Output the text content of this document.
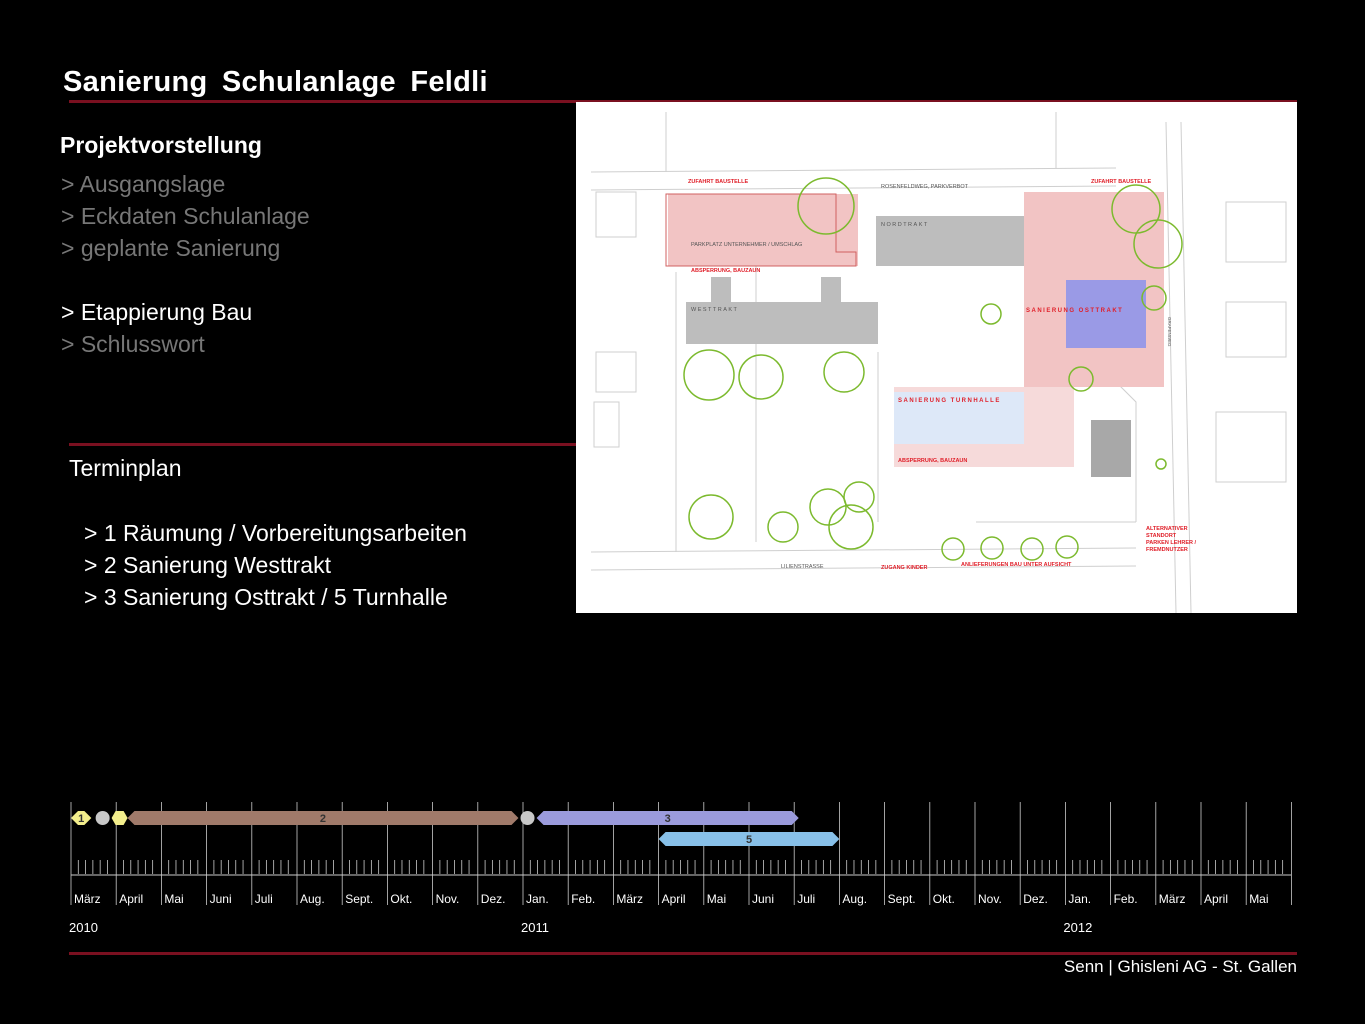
Sanierung Schulanlage Feldli
Projektvorstellung
> Ausgangslage
> Eckdaten Schulanlage
> geplante Sanierung
> Etappierung Bau
> Schlusswort
Terminplan
> 1 Räumung / Vorbereitungsarbeiten
> 2 Sanierung Westtrakt
> 3 Sanierung Osttrakt / 5 Turnhalle
ZUFAHRT BAUSTELLE	ZUFAHRT BAUSTELLE
ABSPERRUNG, BAUZAUN
SANIERUNG OSTTRAKT
SANIERUNG TURNHALLE
ABSPERRUNG, BAUZAUN
ZUGANG KINDER	ANLIEFERUNGEN BAU UNTER AUFSICHT
ALTERNATIVER
STANDORT
PARKEN LEHRER /
FREMDNUTZER
ROSENFELDWEG, PARKVERBOT
PARKPLATZ UNTERNEHMER / UMSCHLAG
NORDTRAKT
WESTTRAKT
LILIENSTRASSE
GRAFENWEG
März April Mai Juni Juli Aug. Sept. Okt. Nov. Dez. Jan. Feb. März April Mai Juni Juli Aug. Sept. Okt. Nov. Dez. Jan. Feb. März April Mai
2010	2011	2012
1	2	3
5
Senn | Ghisleni AG - St. Gallen
